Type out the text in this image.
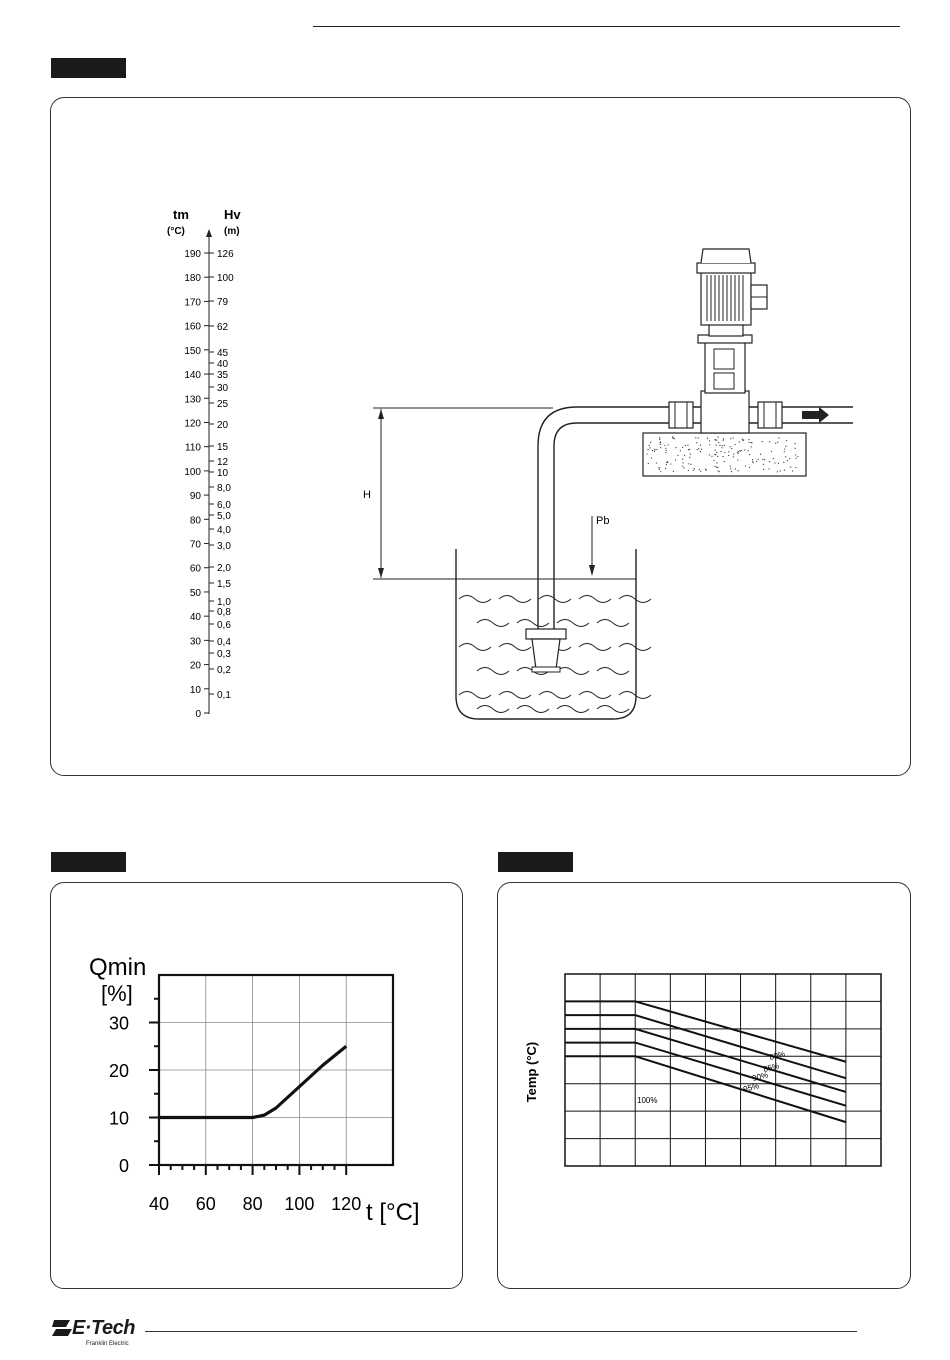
tm
(°C)
Hv
(m)
190
180
170
160
150
140
130
120
110
100
90
80
70
60
50
40
30
20
10
0
126
100
79
62
45
40
35
30
25
20
15
12
10
8,0
6,0
5,0
4,0
3,0
2,0
1,5
1,0
0,8
0,6
0,4
0,3
0,2
0,1
H
Pb
0
10
20
30
40 60 80 100 120
Qmin
[%]
t [°C]
80%
85%
90%
95%
100%
Temp (°C)
E·Tech
Franklin Electric
